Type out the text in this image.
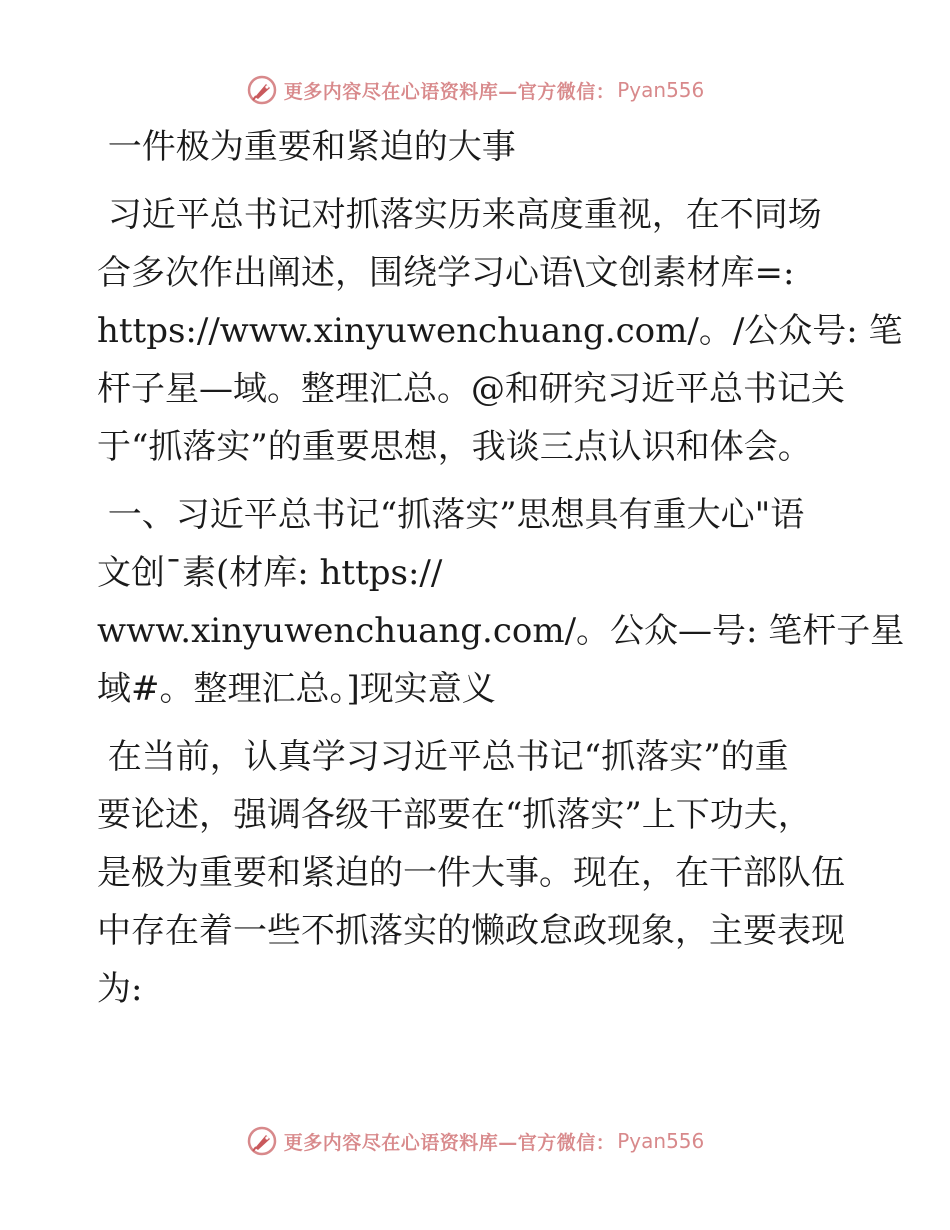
更多内容尽在心语资料库—官方微信： Pyan556
一件极为重要和紧迫的大事
习近平总书记对抓落实历来高度重视，在不同场
合多次作出阐述，围绕学习心语\文创素材库=:
https://www.xinyuwenchuang.com/。/公众号: 笔
杆子星—域。整理汇总。@和研究习近平总书记关
于“抓落实”的重要思想，我谈三点认识和体会。
一、习近平总书记“抓落实”思想具有重大心"语
文创¯素(材库: https://
www.xinyuwenchuang.com/。公众—号: 笔杆子星
域#。整理汇总。]现实意义
在当前，认真学习习近平总书记“抓落实”的重
要论述，强调各级干部要在“抓落实”上下功夫，
是极为重要和紧迫的一件大事。现在，在干部队伍
中存在着一些不抓落实的懒政怠政现象，主要表现
为:
更多内容尽在心语资料库—官方微信： Pyan556
